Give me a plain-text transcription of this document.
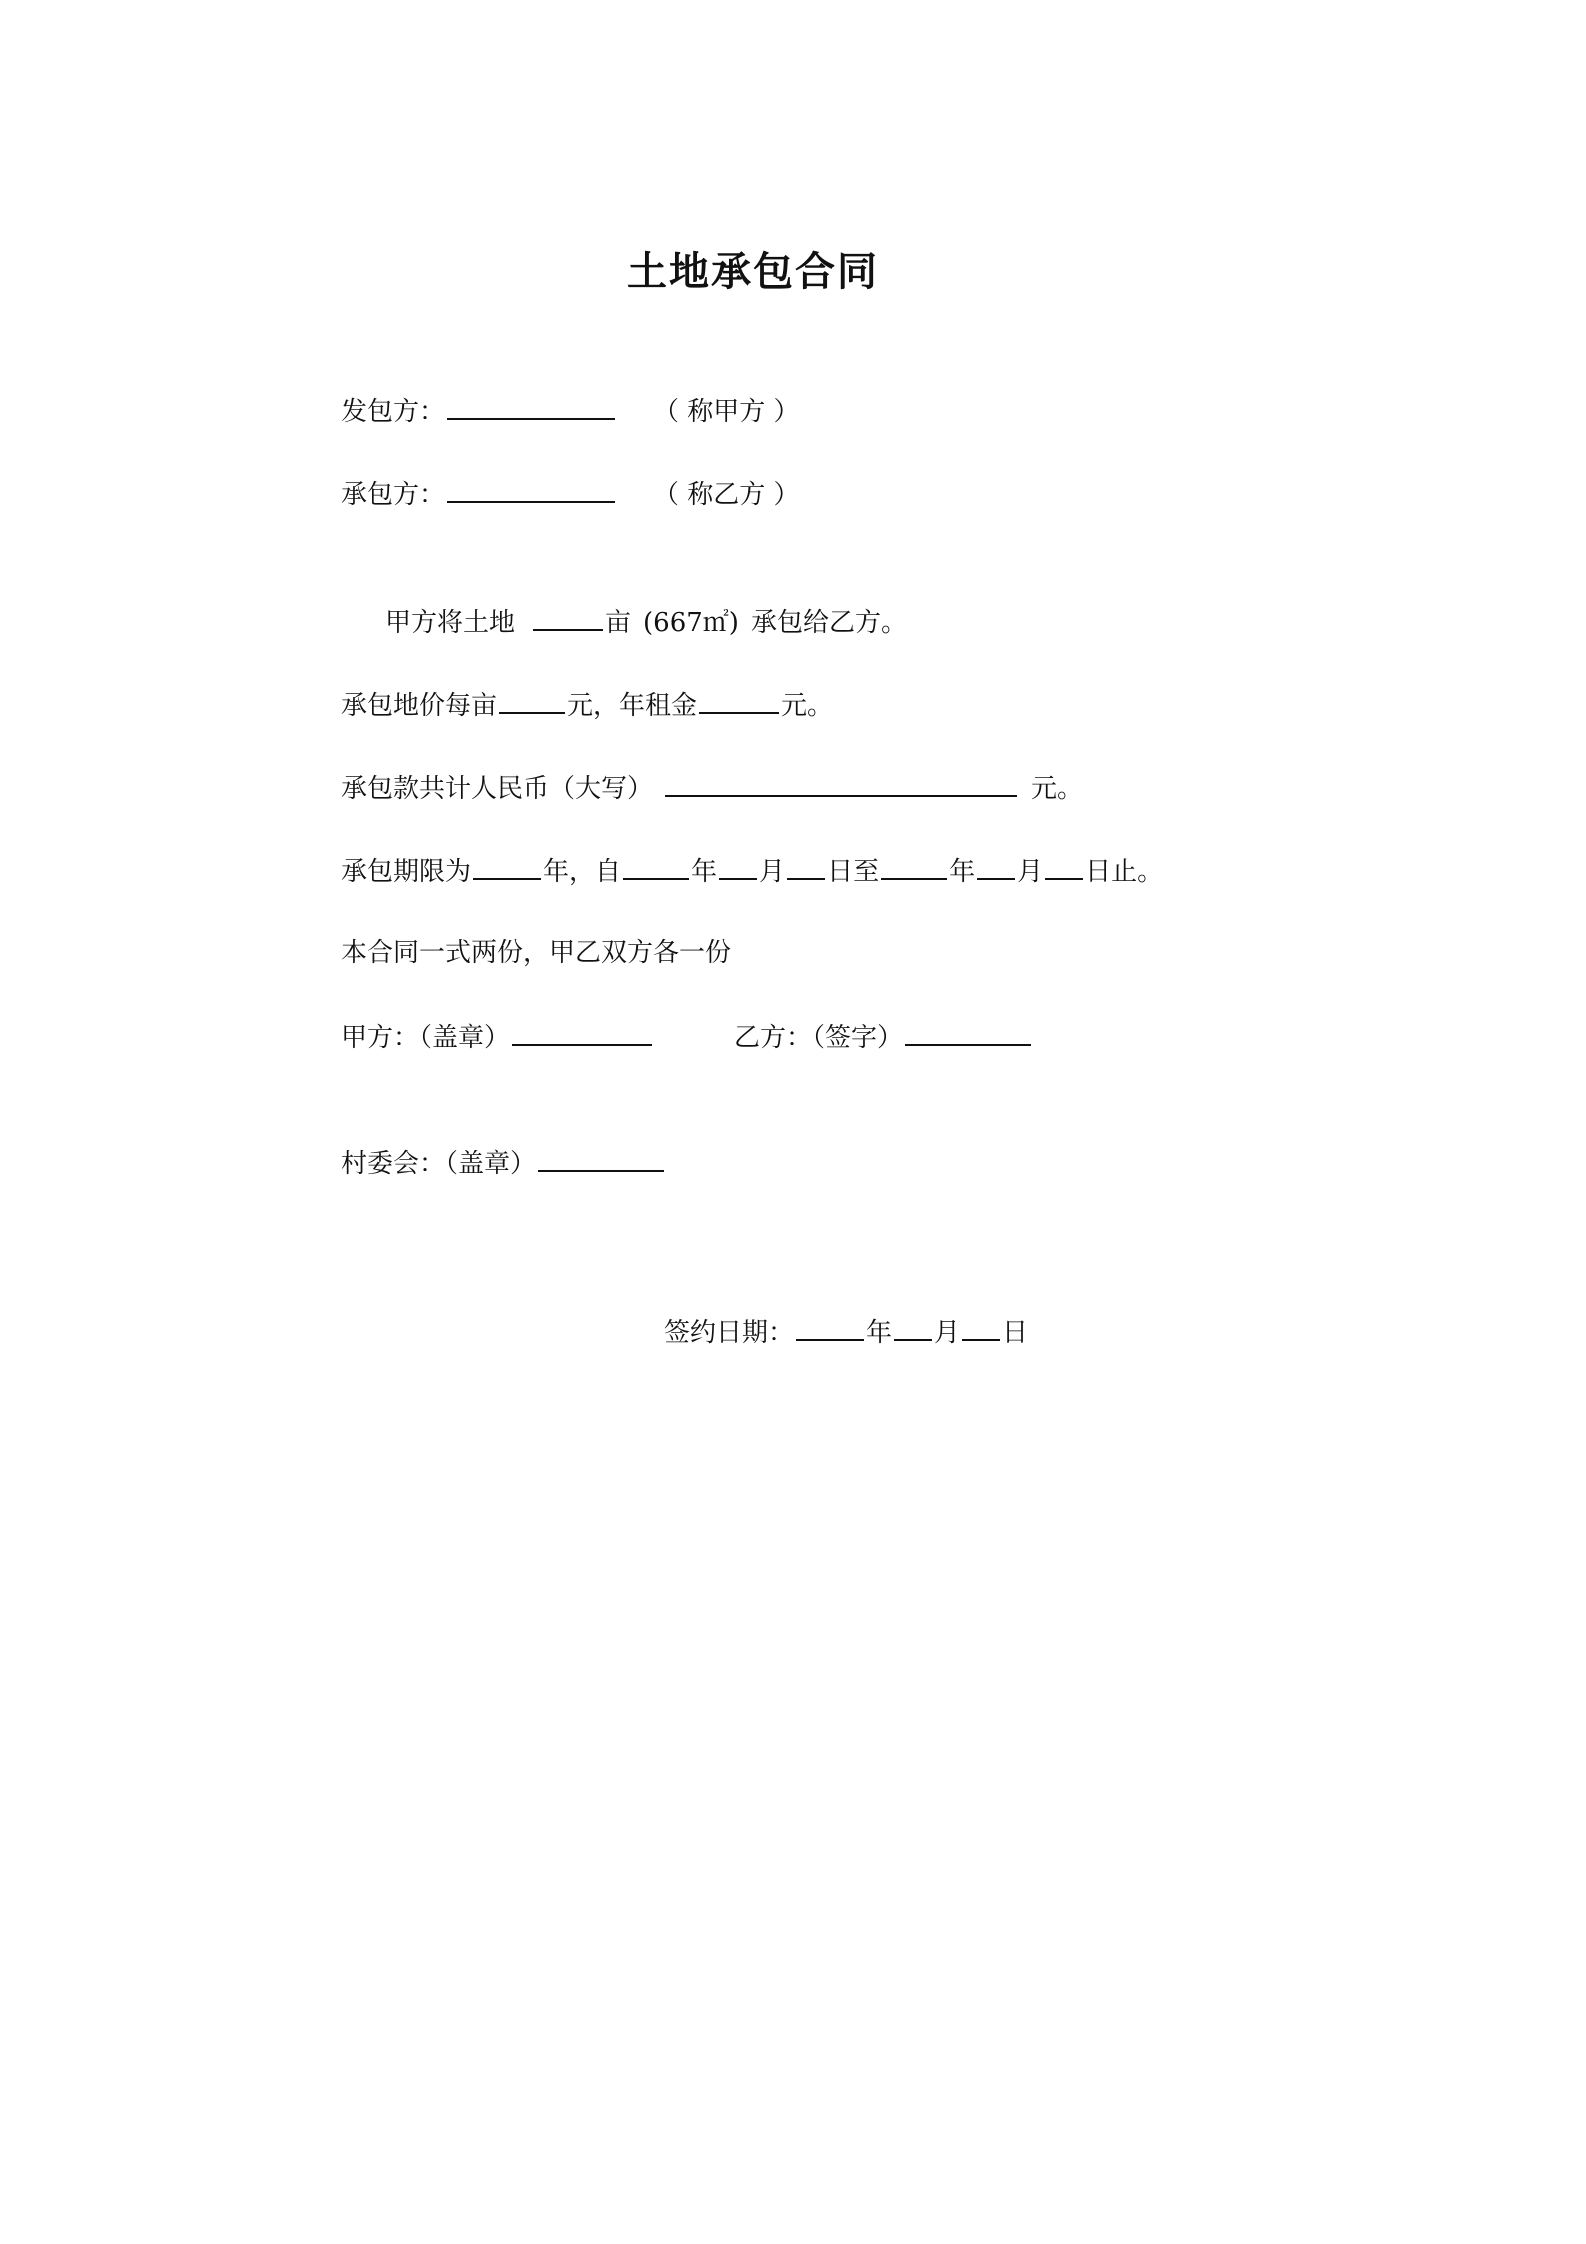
土地承包合同
发包方：	（ 称甲方 ）
承包方：	（ 称乙方 ）
甲方将土地	亩 (667㎡) 承包给乙方。
承包地价每亩	元，年租金	元。
承包款共计人民币（大写）	元。
承包期限为	年，自	年 月 日至	年 月 日止。
本合同一式两份，甲乙双方各一份
甲方：（盖章）	乙方：（签字）
村委会：（盖章）
签约日期：	年 月 日
